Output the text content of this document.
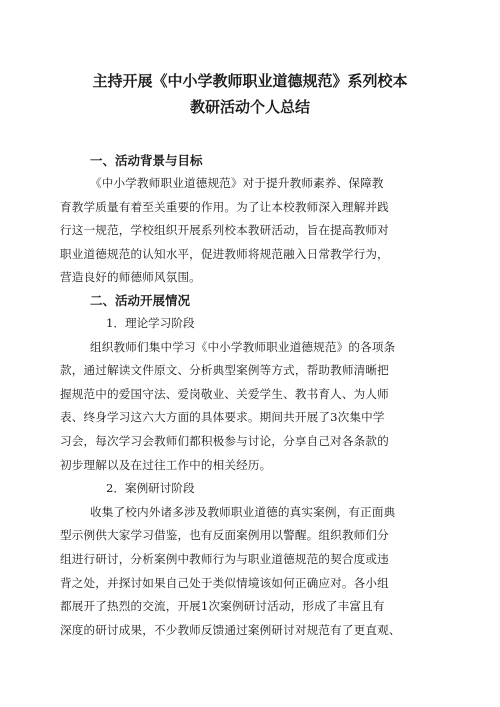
主持开展《中小学教师职业道德规范》系列校本
教研活动个人总结
一、活动背景与目标

《中小学教师职业道德规范》对于提升教师素养、保障教
育教学质量有着至关重要的作用。为了让本校教师深入理解并践
行这一规范，学校组织开展系列校本教研活动，旨在提高教师对
职业道德规范的认知水平，促进教师将规范融入日常教学行为，
营造良好的师德师风氛围。

二、活动开展情况

1．理论学习阶段

组织教师们集中学习《中小学教师职业道德规范》的各项条
款，通过解读文件原文、分析典型案例等方式，帮助教师清晰把
握规范中的爱国守法、爱岗敬业、关爱学生、教书育人、为人师
表、终身学习这六大方面的具体要求。期间共开展了3次集中学
习会，每次学习会教师们都积极参与讨论，分享自己对各条款的
初步理解以及在过往工作中的相关经历。

2．案例研讨阶段

收集了校内外诸多涉及教师职业道德的真实案例，有正面典
型示例供大家学习借鉴，也有反面案例用以警醒。组织教师们分
组进行研讨，分析案例中教师行为与职业道德规范的契合度或违
背之处，并探讨如果自己处于类似情境该如何正确应对。各小组
都展开了热烈的交流，开展1次案例研讨活动，形成了丰富且有
深度的研讨成果，不少教师反馈通过案例研讨对规范有了更直观、
